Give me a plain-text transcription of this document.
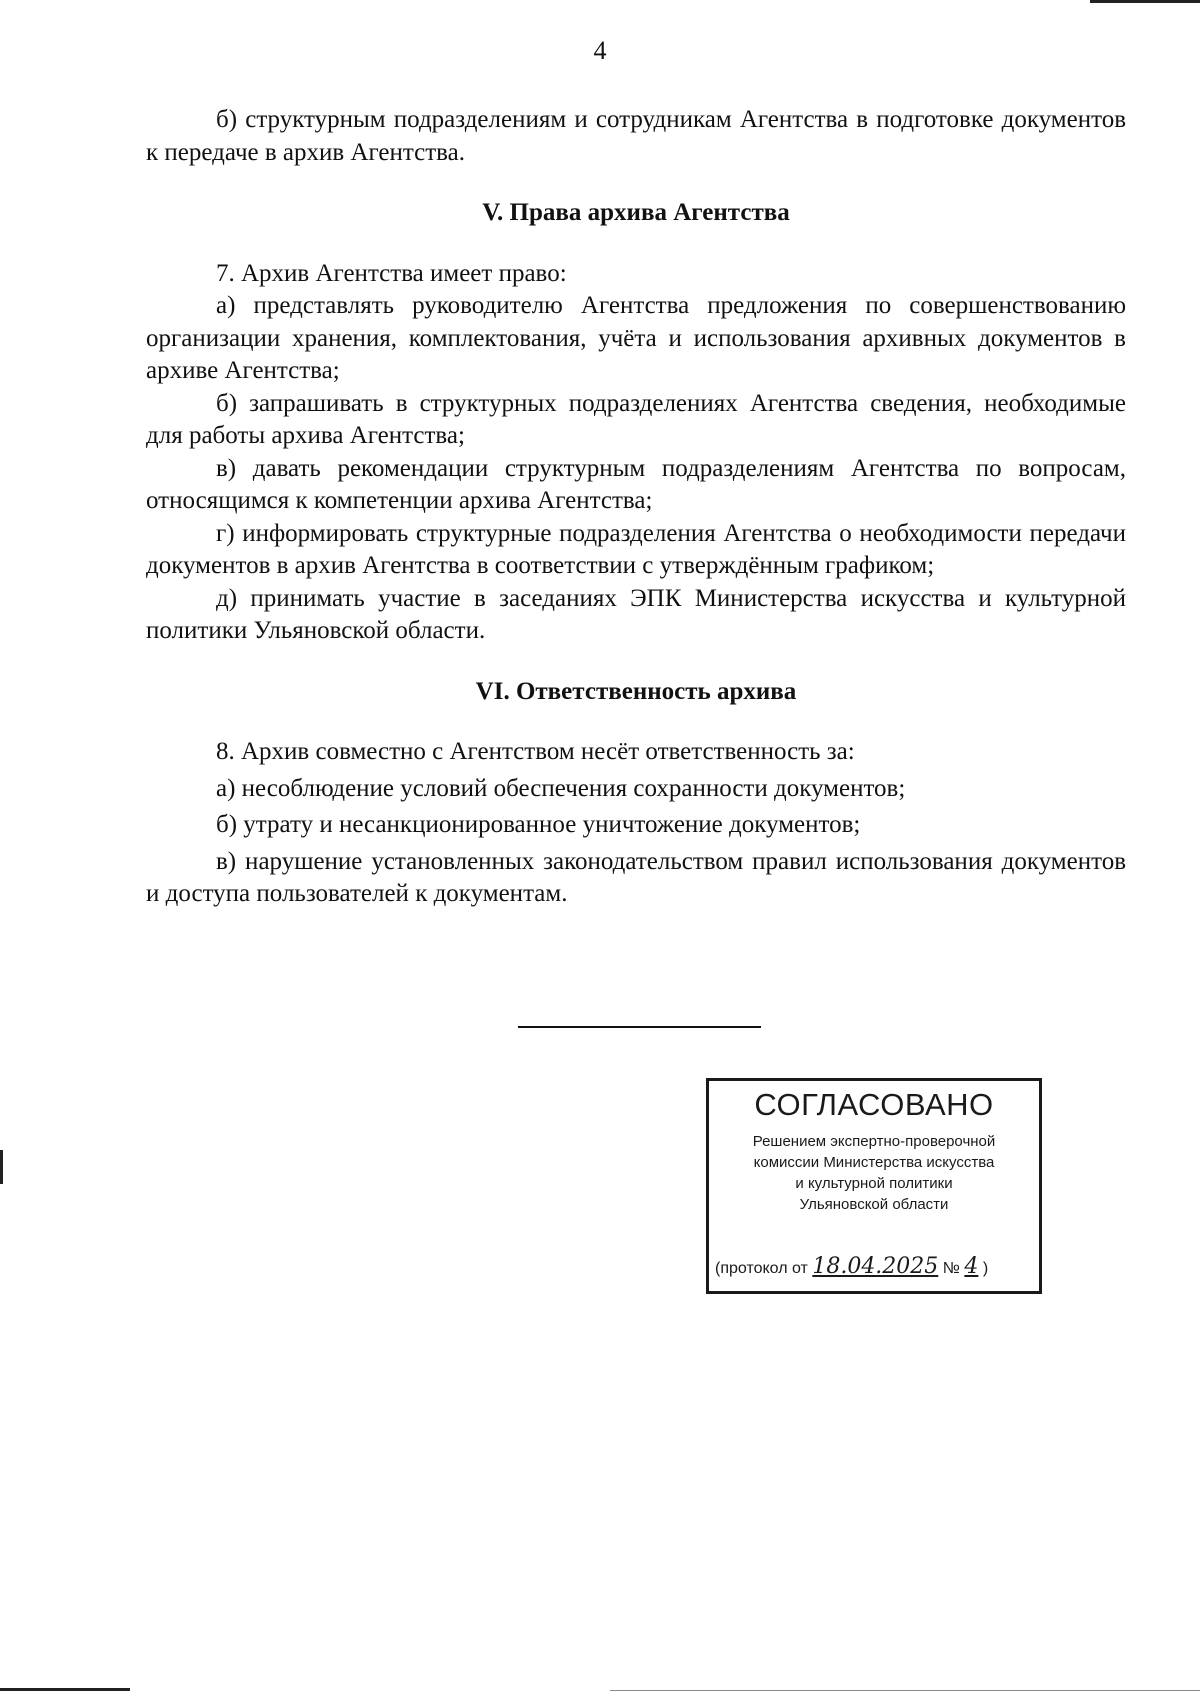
4

б) структурным подразделениям и сотрудникам Агентства в подготовке документов к передаче в архив Агентства.

V. Права архива Агентства

7. Архив Агентства имеет право:

а) представлять руководителю Агентства предложения по совершенствованию организации хранения, комплектования, учёта и использования архивных документов в архиве Агентства;

б) запрашивать в структурных подразделениях Агентства сведения, необходимые для работы архива Агентства;

в) давать рекомендации структурным подразделениям Агентства по вопросам, относящимся к компетенции архива Агентства;

г) информировать структурные подразделения Агентства о необходимости передачи документов в архив Агентства в соответствии с утверждённым графиком;

д) принимать участие в заседаниях ЭПК Министерства искусства и культурной политики Ульяновской области.

VI. Ответственность архива

8. Архив совместно с Агентством несёт ответственность за:

а) несоблюдение условий обеспечения сохранности документов;

б) утрату и несанкционированное уничтожение документов;

в) нарушение установленных законодательством правил использования документов и доступа пользователей к документам.

СОГЛАСОВАНО
Решением экспертно-проверочной
комиссии Министерства искусства
и культурной политики
Ульяновской области
(протокол от 18.04.2025 № 4 )
